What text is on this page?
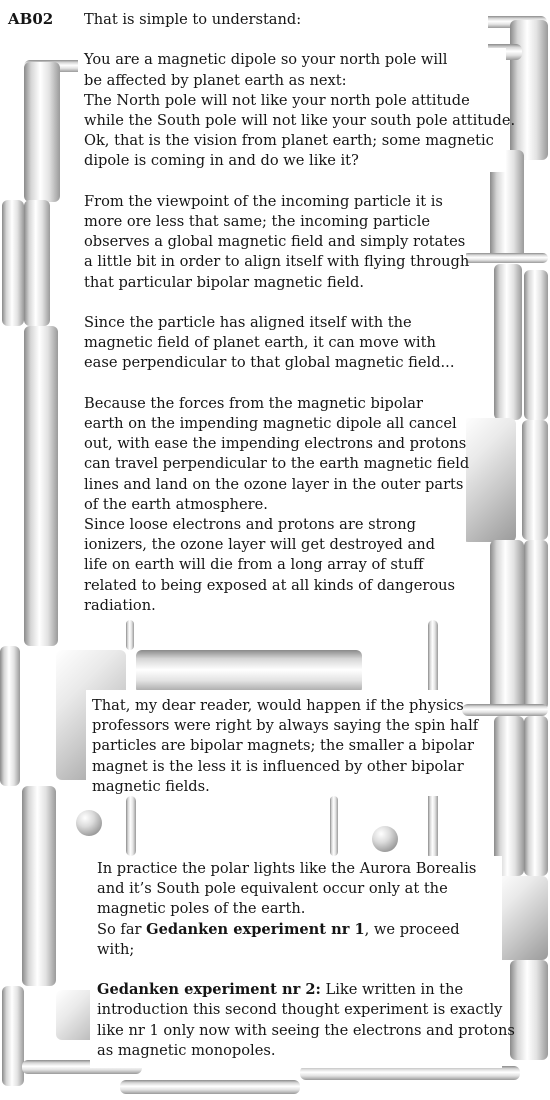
AB02 That is simple to understand:

You are a magnetic dipole so your north pole will

be affected by planet earth as next:

The North pole will not like your north pole attitude

while the South pole will not like your south pole attitude.

Ok, that is the vision from planet earth; some magnetic

dipole is coming in and do we like it?

From the viewpoint of the incoming particle it is

more ore less that same; the incoming particle

observes a global magnetic field and simply rotates

a little bit in order to align itself with flying through

that particular bipolar magnetic field.

Since the particle has aligned itself with the

magnetic field of planet earth, it can move with

ease perpendicular to that global magnetic field...

Because the forces from the magnetic bipolar

earth on the impending magnetic dipole all cancel

out, with ease the impending electrons and protons

can travel perpendicular to the earth magnetic field

lines and land on the ozone layer in the outer parts

of the earth atmosphere.

Since loose electrons and protons are strong

ionizers, the ozone layer will get destroyed and

life on earth will die from a long array of stuff

related to being exposed at all kinds of dangerous

radiation.

That, my dear reader, would happen if the physics

professors were right by always saying the spin half

particles are bipolar magnets; the smaller a bipolar

magnet is the less it is influenced by other bipolar

magnetic fields.

In practice the polar lights like the Aurora Borealis

and it’s South pole equivalent occur only at the

magnetic poles of the earth.

So far Gedanken experiment nr 1, we proceed

with;

Gedanken experiment nr 2: Like written in the

introduction this second thought experiment is exactly

like nr 1 only now with seeing the electrons and protons

as magnetic monopoles.
